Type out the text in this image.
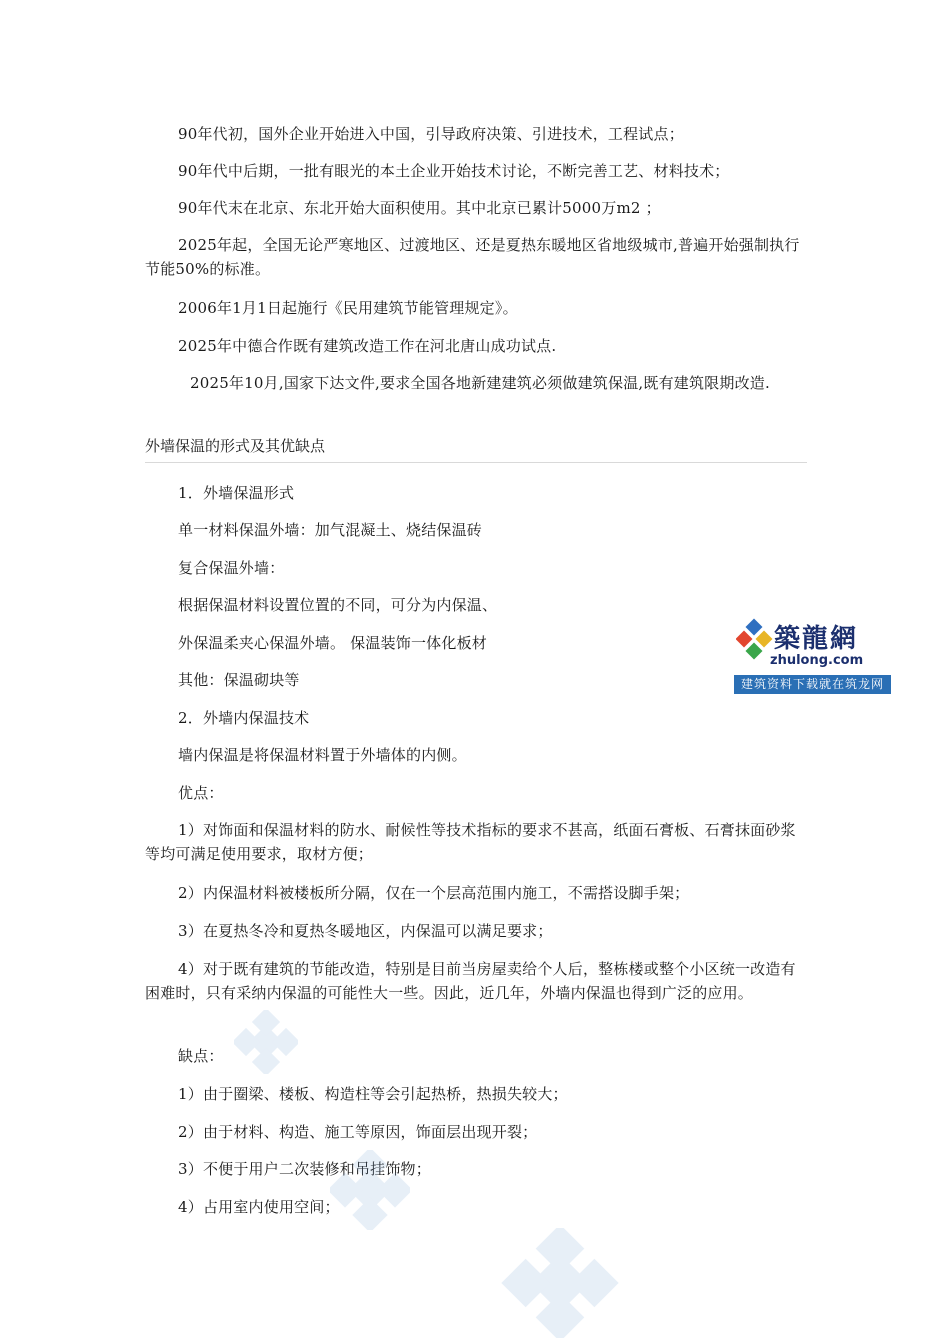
90年代初，国外企业开始进入中国，引导政府决策、引进技术，工程试点；

90年代中后期，一批有眼光的本土企业开始技术讨论，不断完善工艺、材料技术；

90年代末在北京、东北开始大面积使用。其中北京已累计5000万m2 ；

2025年起，全国无论严寒地区、过渡地区、还是夏热东暖地区省地级城市,普遍开始强制执行节能50%的标准。

2006年1月1日起施行《民用建筑节能管理规定》。

2025年中德合作既有建筑改造工作在河北唐山成功试点.

2025年10月,国家下达文件,要求全国各地新建建筑必须做建筑保温,既有建筑限期改造.

外墙保温的形式及其优缺点

1．外墙保温形式

单一材料保温外墙：加气混凝土、烧结保温砖

复合保温外墙：

根据保温材料设置位置的不同，可分为内保温、

外保温柔夹心保温外墙。 保温装饰一体化板材

其他：保温砌块等

2．外墙内保温技术

墙内保温是将保温材料置于外墙体的内侧。

优点：

1）对饰面和保温材料的防水、耐候性等技术指标的要求不甚高，纸面石膏板、石膏抹面砂浆等均可满足使用要求，取材方便；

2）内保温材料被楼板所分隔，仅在一个层高范围内施工，不需搭设脚手架；

3）在夏热冬冷和夏热冬暖地区，内保温可以满足要求；

4）对于既有建筑的节能改造，特别是目前当房屋卖给个人后，整栋楼或整个小区统一改造有困难时，只有采纳内保温的可能性大一些。因此，近几年，外墙内保温也得到广泛的应用。

缺点：

1）由于圈梁、楼板、构造柱等会引起热桥，热损失较大；

2）由于材料、构造、施工等原因，饰面层出现开裂；

3）不便于用户二次装修和吊挂饰物；

4）占用室内使用空间；

築龍網
zhulong.com
建筑资料下载就在筑龙网
